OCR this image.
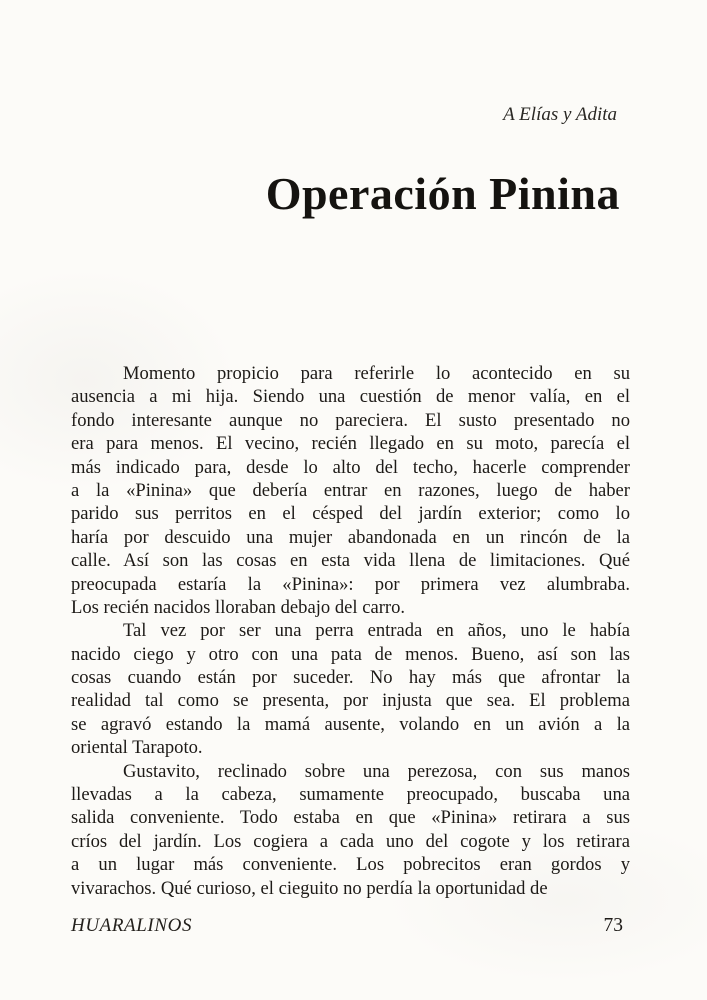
A Elías y Adita
Operación Pinina
Momento propicio para referirle lo acontecido en su
ausencia a mi hija. Siendo una cuestión de menor valía, en el
fondo interesante aunque no pareciera. El susto presentado no
era para menos. El vecino, recién llegado en su moto, parecía el
más indicado para, desde lo alto del techo, hacerle comprender
a la «Pinina» que debería entrar en razones, luego de haber
parido sus perritos en el césped del jardín exterior; como lo
haría por descuido una mujer abandonada en un rincón de la
calle. Así son las cosas en esta vida llena de limitaciones. Qué
preocupada estaría la «Pinina»: por primera vez alumbraba.
Los recién nacidos lloraban debajo del carro.
Tal vez por ser una perra entrada en años, uno le había
nacido ciego y otro con una pata de menos. Bueno, así son las
cosas cuando están por suceder. No hay más que afrontar la
realidad tal como se presenta, por injusta que sea. El problema
se agravó estando la mamá ausente, volando en un avión a la
oriental Tarapoto.
Gustavito, reclinado sobre una perezosa, con sus manos
llevadas a la cabeza, sumamente preocupado, buscaba una
salida conveniente. Todo estaba en que «Pinina» retirara a sus
críos del jardín. Los cogiera a cada uno del cogote y los retirara
a un lugar más conveniente. Los pobrecitos eran gordos y
vivarachos. Qué curioso, el cieguito no perdía la oportunidad de
HUARALINOS	73
